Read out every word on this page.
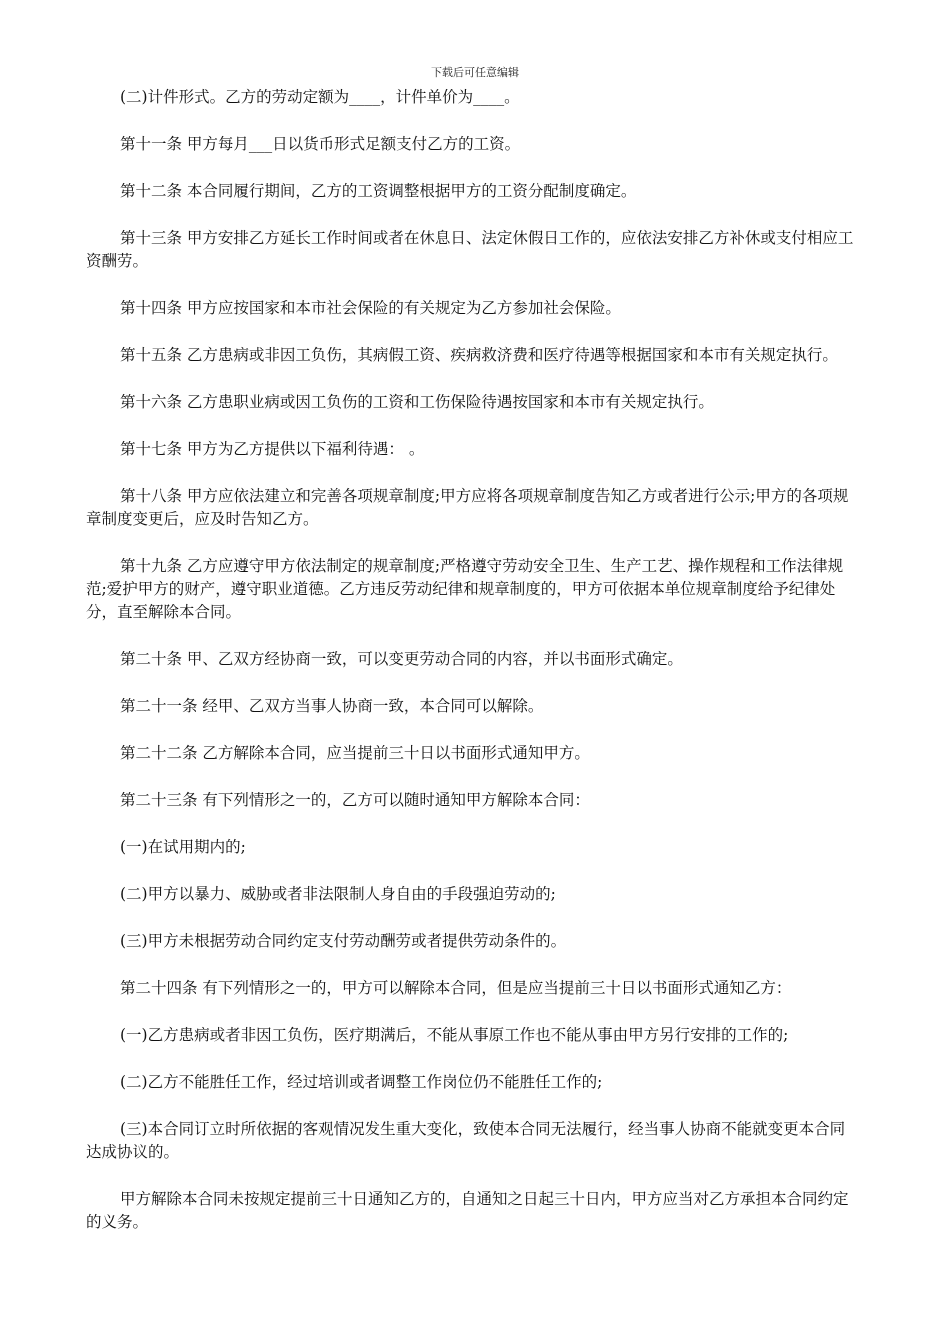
下载后可任意编辑

(二)计件形式。乙方的劳动定额为____，计件单价为____。

第十一条 甲方每月___日以货币形式足额支付乙方的工资。

第十二条 本合同履行期间，乙方的工资调整根据甲方的工资分配制度确定。

第十三条 甲方安排乙方延长工作时间或者在休息日、法定休假日工作的，应依法安排乙方补休或支付相应工资酬劳。

第十四条 甲方应按国家和本市社会保险的有关规定为乙方参加社会保险。

第十五条 乙方患病或非因工负伤，其病假工资、疾病救济费和医疗待遇等根据国家和本市有关规定执行。

第十六条 乙方患职业病或因工负伤的工资和工伤保险待遇按国家和本市有关规定执行。

第十七条 甲方为乙方提供以下福利待遇： 。

第十八条 甲方应依法建立和完善各项规章制度;甲方应将各项规章制度告知乙方或者进行公示;甲方的各项规章制度变更后，应及时告知乙方。

第十九条 乙方应遵守甲方依法制定的规章制度;严格遵守劳动安全卫生、生产工艺、操作规程和工作法律规范;爱护甲方的财产，遵守职业道德。乙方违反劳动纪律和规章制度的，甲方可依据本单位规章制度给予纪律处分，直至解除本合同。

第二十条 甲、乙双方经协商一致，可以变更劳动合同的内容，并以书面形式确定。

第二十一条 经甲、乙双方当事人协商一致，本合同可以解除。

第二十二条 乙方解除本合同，应当提前三十日以书面形式通知甲方。

第二十三条 有下列情形之一的，乙方可以随时通知甲方解除本合同：

(一)在试用期内的;

(二)甲方以暴力、威胁或者非法限制人身自由的手段强迫劳动的;

(三)甲方未根据劳动合同约定支付劳动酬劳或者提供劳动条件的。

第二十四条 有下列情形之一的，甲方可以解除本合同，但是应当提前三十日以书面形式通知乙方：

(一)乙方患病或者非因工负伤，医疗期满后，不能从事原工作也不能从事由甲方另行安排的工作的;

(二)乙方不能胜任工作，经过培训或者调整工作岗位仍不能胜任工作的;

(三)本合同订立时所依据的客观情况发生重大变化，致使本合同无法履行，经当事人协商不能就变更本合同达成协议的。

甲方解除本合同未按规定提前三十日通知乙方的，自通知之日起三十日内，甲方应当对乙方承担本合同约定的义务。
